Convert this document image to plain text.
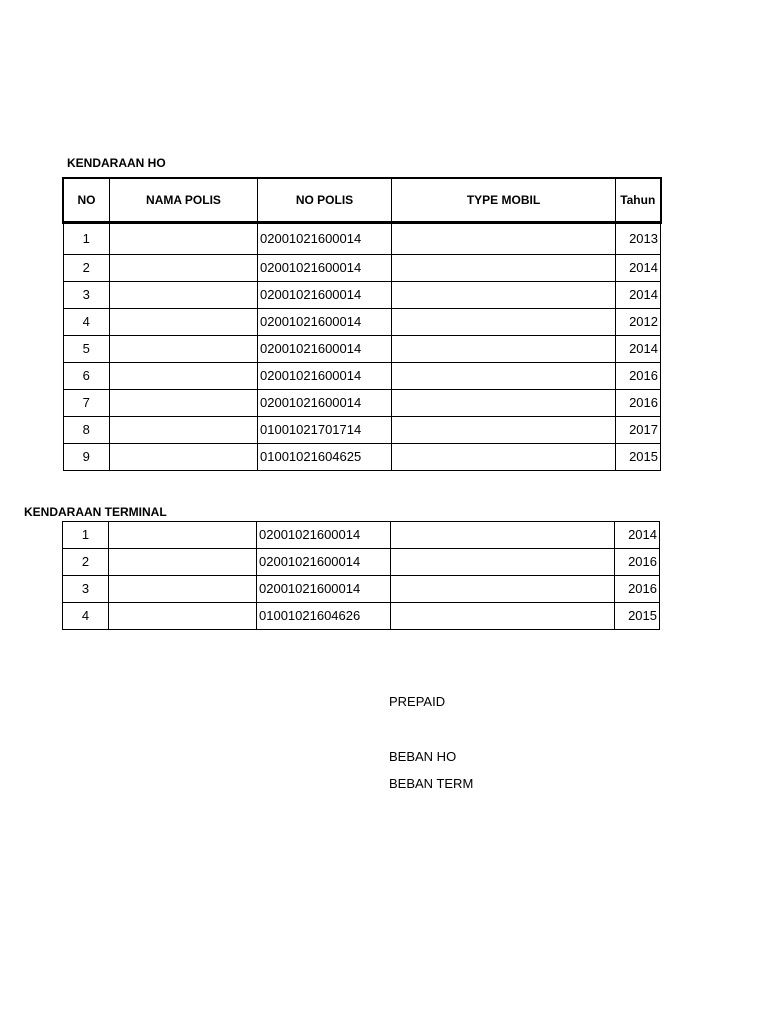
KENDARAAN HO
NO	NAMA POLIS	NO POLIS	TYPE MOBIL	Tahun
1		02001021600014		2013
2		02001021600014		2014
3		02001021600014		2014
4		02001021600014		2012
5		02001021600014		2014
6		02001021600014		2016
7		02001021600014		2016
8		01001021701714		2017
9		01001021604625		2015
KENDARAAN TERMINAL
1		02001021600014		2014
2		02001021600014		2016
3		02001021600014		2016
4		01001021604626		2015
PREPAID
BEBAN HO
BEBAN TERM
